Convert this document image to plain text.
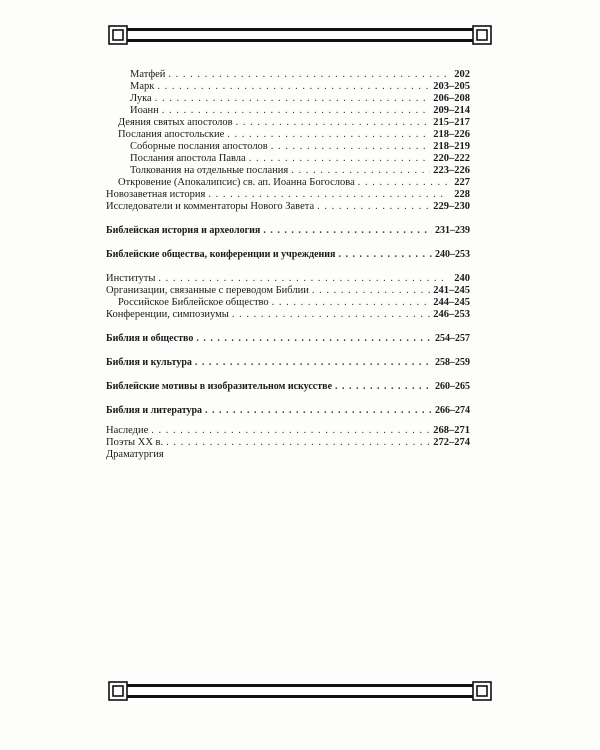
Матфей . . .	202
Марк . . .	203–205
Лука . . .	206–208
Иоанн . . .	209–214
Деяния святых апостолов . . .	215–217
Послания апостольские . . .	218–226
Соборные послания апостолов . . .	218–219
Послания апостола Павла . . .	220–222
Толкования на отдельные послания . . .	223–226
Откровение (Апокалипсис) св. ап. Иоанна Богослова . . .	227
Новозаветная история . . .	228
Исследователи и комментаторы Нового Завета . . .	229–230
Библейская история и археология . . .	231–239
Библейские общества, конференции и учреждения . . .	240–253
Институты . . .	240
Организации, связанные с переводом Библии . . .	241–245
Российское Библейское общество . . .	244–245
Конференции, симпозиумы . . .	246–253
Библия и общество . . .	254–257
Библия и культура . . .	258–259
Библейские мотивы в изобразительном искусстве . . .	260–265
Библия и литература . . .	266–274
Наследие . . .	268–271
Поэты XX в. . . .	272–274
Драматургия
